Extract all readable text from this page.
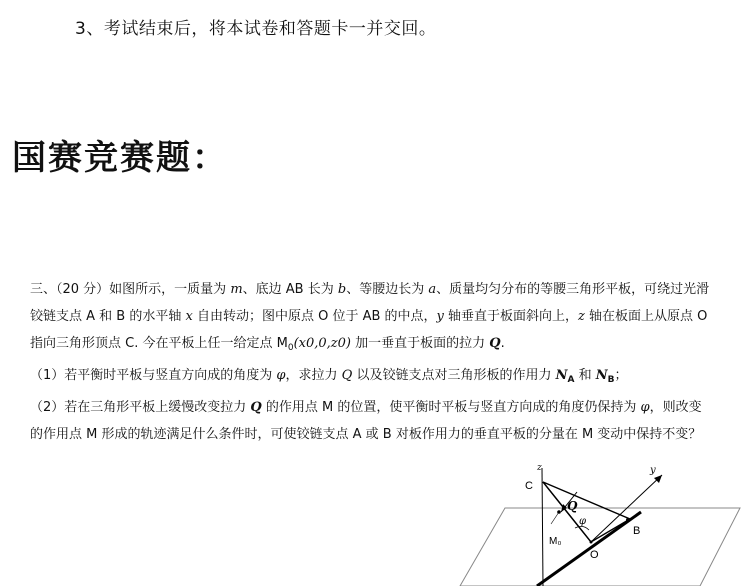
3、考试结束后，将本试卷和答题卡一并交回。
国赛竞赛题：

三、（20 分）如图所示，一质量为 m、底边 AB 长为 b、等腰边长为 a、质量均匀分布的等腰三角形平板，可绕过光滑

铰链支点 A 和 B 的水平轴 x 自由转动；图中原点 O 位于 AB 的中点，y 轴垂直于板面斜向上，z 轴在板面上从原点 O

指向三角形顶点 C. 今在平板上任一给定点 $M_0(x0,0,z0)$ 加一垂直于板面的拉力 Q.

（1）若平衡时平板与竖直方向成的角度为 φ，求拉力 Q 以及铰链支点对三角形板的作用力 $N_A$ 和 $N_B$；

（2）若在三角形平板上缓慢改变拉力 Q 的作用点 M 的位置，使平衡时平板与竖直方向成的角度仍保持为 φ，则改变

的作用点 M 形成的轨迹满足什么条件时，可使铰链支点 A 或 B 对板作用力的垂直平板的分量在 M 变动中保持不变？

z	y
C
Q
φ
M₀
O
B
